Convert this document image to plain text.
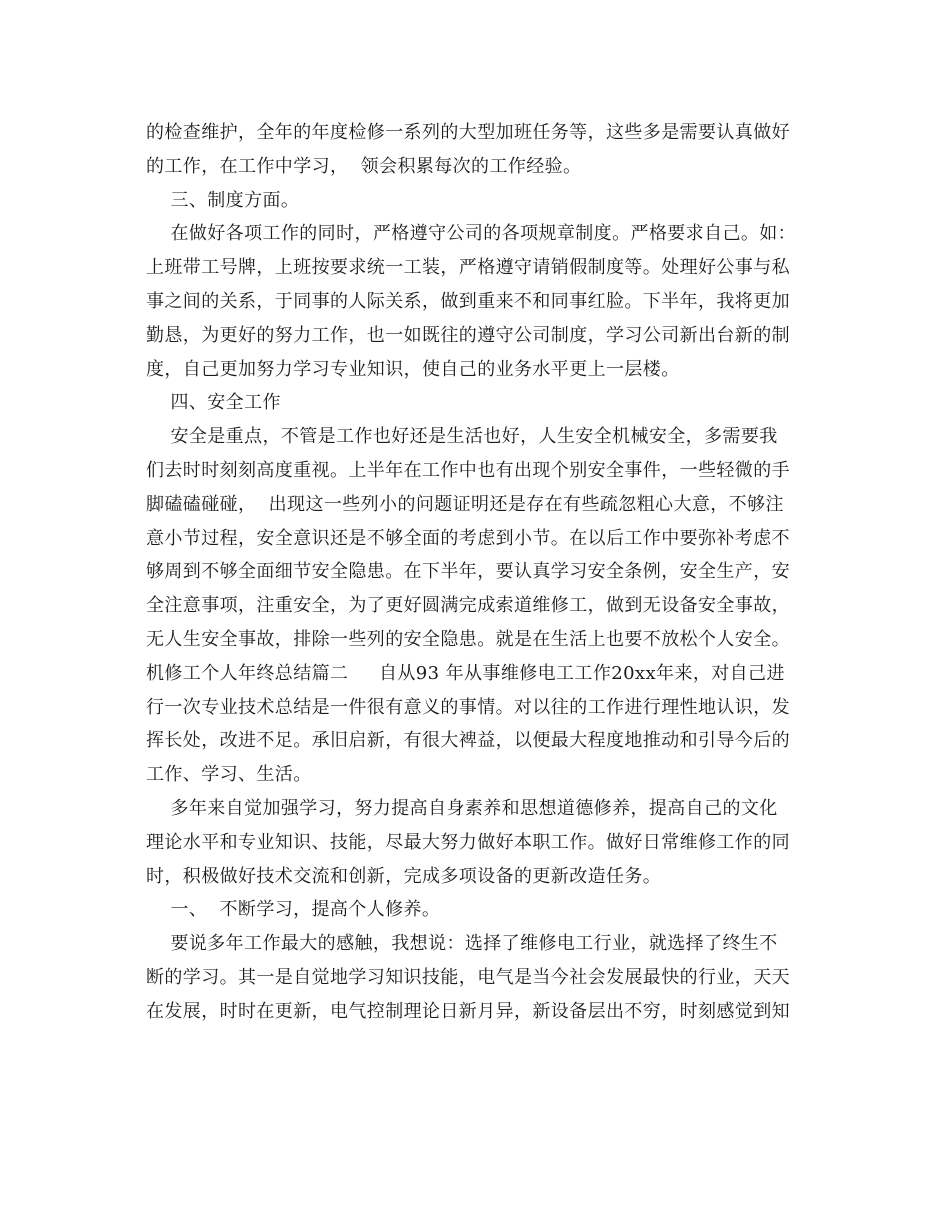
的检查维护，全年的年度检修一系列的大型加班任务等，这些多是需要认真做好
的工作，在工作中学习，  领会积累每次的工作经验。
三、制度方面。
在做好各项工作的同时，严格遵守公司的各项规章制度。严格要求自己。如：
上班带工号牌，上班按要求统一工装，严格遵守请销假制度等。处理好公事与私
事之间的关系，于同事的人际关系，做到重来不和同事红脸。下半年，我将更加
勤恳，为更好的努力工作，也一如既往的遵守公司制度，学习公司新出台新的制
度，自己更加努力学习专业知识，使自己的业务水平更上一层楼。
四、安全工作
安全是重点，不管是工作也好还是生活也好，人生安全机械安全，多需要我
们去时时刻刻高度重视。上半年在工作中也有出现个别安全事件，一些轻微的手
脚磕磕碰碰，  出现这一些列小的问题证明还是存在有些疏忽粗心大意，不够注
意小节过程，安全意识还是不够全面的考虑到小节。在以后工作中要弥补考虑不
够周到不够全面细节安全隐患。在下半年，要认真学习安全条例，安全生产，安
全注意事项，注重安全，为了更好圆满完成索道维修工，做到无设备安全事故，
无人生安全事故，排除一些列的安全隐患。就是在生活上也要不放松个人安全。
机修工个人年终总结篇二     自从93 年从事维修电工工作20xx年来，对自己进
行一次专业技术总结是一件很有意义的事情。对以往的工作进行理性地认识，发
挥长处，改进不足。承旧启新，有很大裨益，以便最大程度地推动和引导今后的
工作、学习、生活。
多年来自觉加强学习，努力提高自身素养和思想道德修养，提高自己的文化
理论水平和专业知识、技能，尽最大努力做好本职工作。做好日常维修工作的同
时，积极做好技术交流和创新，完成多项设备的更新改造任务。
一、  不断学习，提高个人修养。
要说多年工作最大的感触，我想说：选择了维修电工行业，就选择了终生不
断的学习。其一是自觉地学习知识技能，电气是当今社会发展最快的行业，天天
在发展，时时在更新，电气控制理论日新月异，新设备层出不穷，时刻感觉到知
